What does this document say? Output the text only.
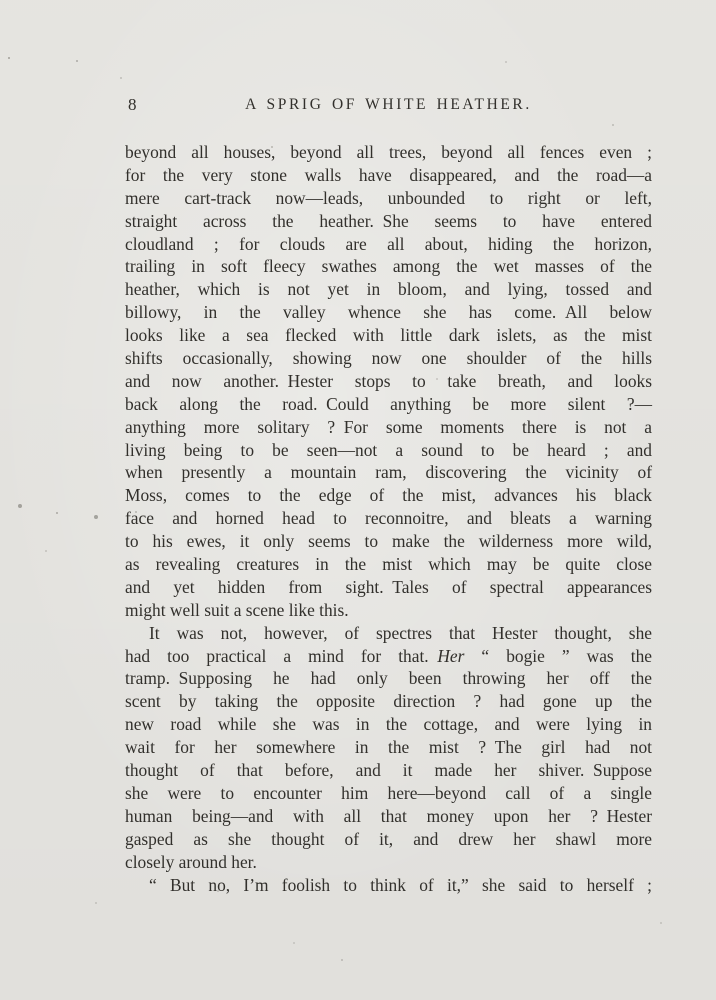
8	A SPRIG OF WHITE HEATHER.
beyond all houses, beyond all trees, beyond all fences even ;
for the very stone walls have disappeared, and the road—a
mere cart-track now—leads, unbounded to right or left,
straight across the heather. She seems to have entered
cloudland ; for clouds are all about, hiding the horizon,
trailing in soft fleecy swathes among the wet masses of the
heather, which is not yet in bloom, and lying, tossed and
billowy, in the valley whence she has come. All below
looks like a sea flecked with little dark islets, as the mist
shifts occasionally, showing now one shoulder of the hills
and now another. Hester stops to take breath, and looks
back along the road. Could anything be more silent ?—
anything more solitary ? For some moments there is not a
living being to be seen—not a sound to be heard ; and
when presently a mountain ram, discovering the vicinity of
Moss, comes to the edge of the mist, advances his black
face and horned head to reconnoitre, and bleats a warning
to his ewes, it only seems to make the wilderness more wild,
as revealing creatures in the mist which may be quite close
and yet hidden from sight. Tales of spectral appearances
might well suit a scene like this.
It was not, however, of spectres that Hester thought, she
had too practical a mind for that. Her “ bogie ” was the
tramp. Supposing he had only been throwing her off the
scent by taking the opposite direction ? had gone up the
new road while she was in the cottage, and were lying in
wait for her somewhere in the mist ? The girl had not
thought of that before, and it made her shiver. Suppose
she were to encounter him here—beyond call of a single
human being—and with all that money upon her ? Hester
gasped as she thought of it, and drew her shawl more
closely around her.
“ But no, I’m foolish to think of it,” she said to herself ;
